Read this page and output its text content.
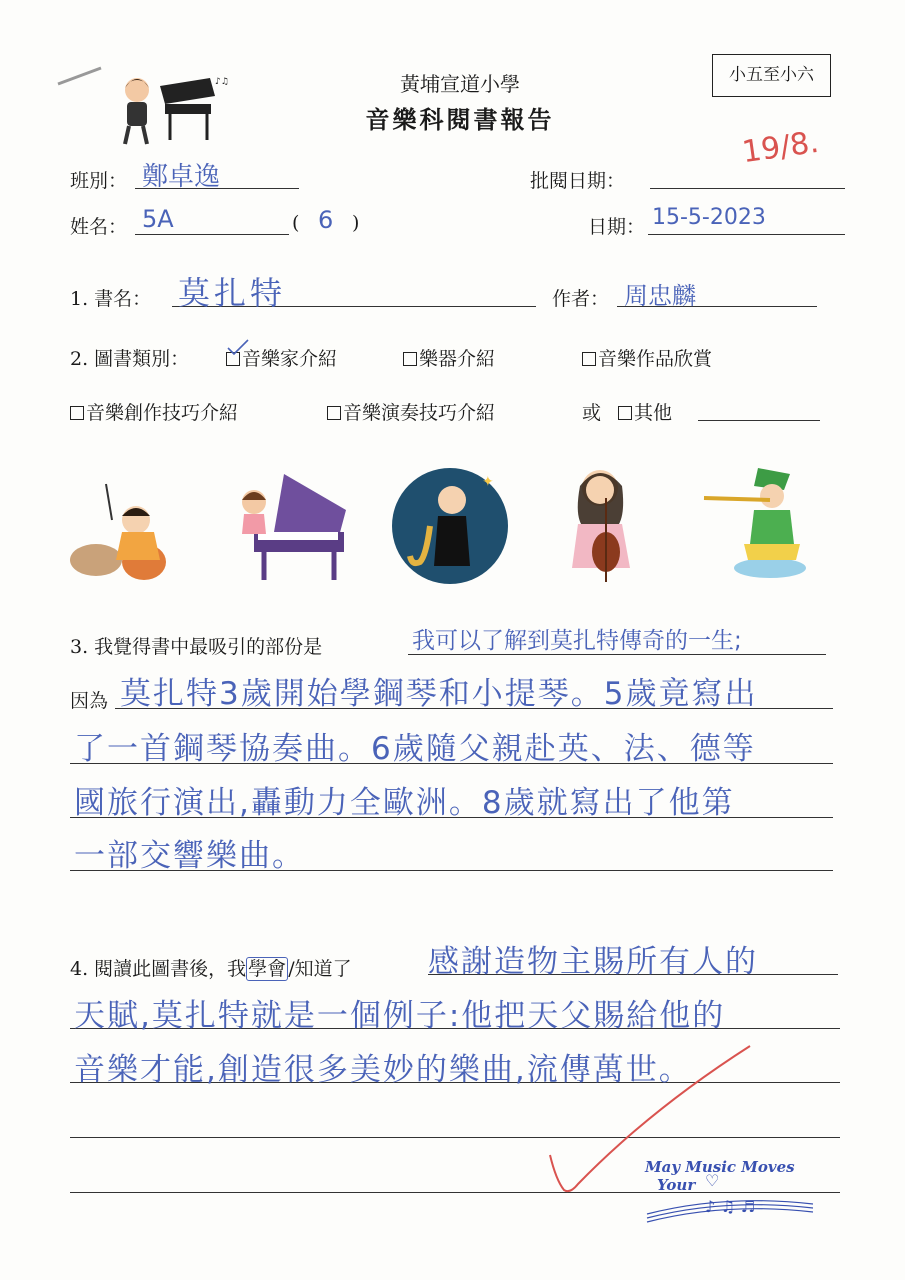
♪♫	黃埔宣道小學
音樂科閱書報告
小五至小六
班別： 鄭卓逸	批閱日期：
19/8.
姓名： 5A	( 6 )	日期： 15-5-2023
1. 書名： 莫扎特	作者： 周忠麟
2. 圖書類別：	音樂家介紹	樂器介紹	音樂作品欣賞
音樂創作技巧介紹	音樂演奏技巧介紹	或	其他
✦
3. 我覺得書中最吸引的部份是	我可以了解到莫扎特傳奇的一生;
因為 莫扎特3歲開始學鋼琴和小提琴。5歲竟寫出
了一首鋼琴協奏曲。6歲隨父親赴英、法、德等
國旅行演出,轟動力全歐洲。8歲就寫出了他第
一部交響樂曲。
4. 閱讀此圖書後，我 學會 /知道了 感謝造物主賜所有人的
天賦,莫扎特就是一個例子:他把天父賜給他的
音樂才能,創造很多美妙的樂曲,流傳萬世。
May Music Moves
Your
♪ ♫ ♬
♡
